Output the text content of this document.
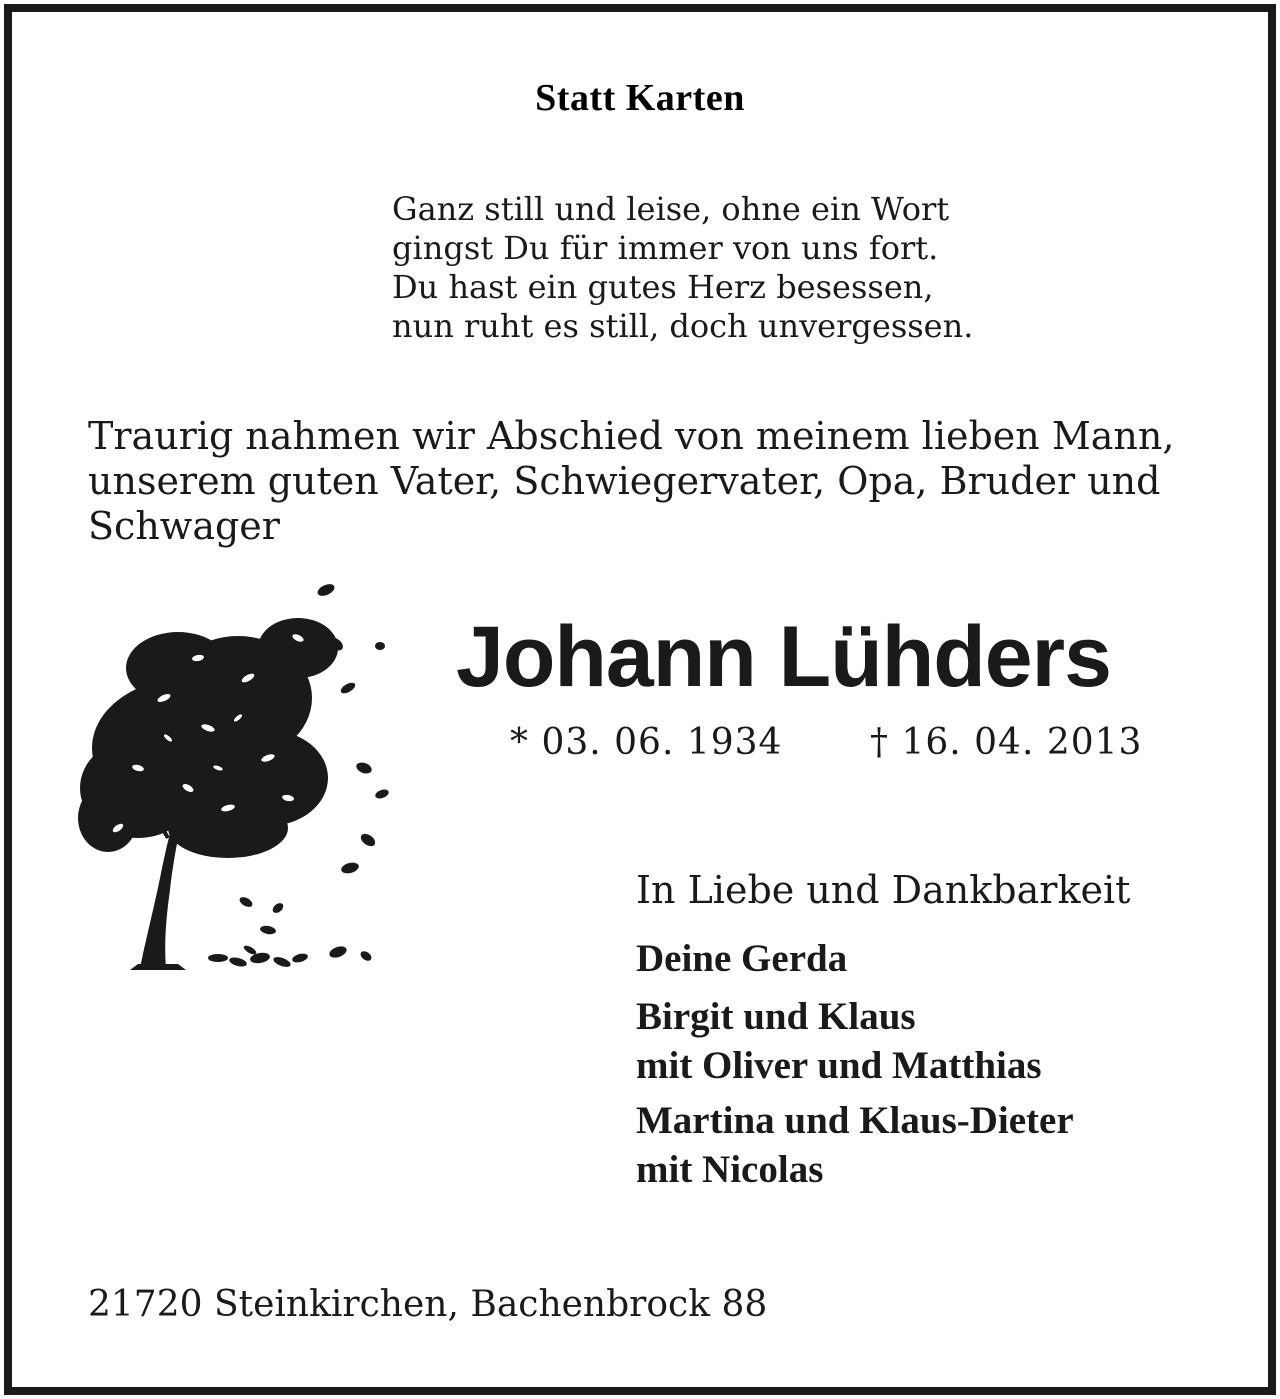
Statt Karten
Ganz still und leise, ohne ein Wort
gingst Du für immer von uns fort.
Du hast ein gutes Herz besessen,
nun ruht es still, doch unvergessen.
Traurig nahmen wir Abschied von meinem lieben Mann,
unserem guten Vater, Schwiegervater, Opa, Bruder und
Schwager
Johann Lühders
* 03. 06. 1934 † 16. 04. 2013
In Liebe und Dankbarkeit
Deine Gerda
Birgit und Klaus
mit Oliver und Matthias
Martina und Klaus-Dieter
mit Nicolas
21720 Steinkirchen, Bachenbrock 88
